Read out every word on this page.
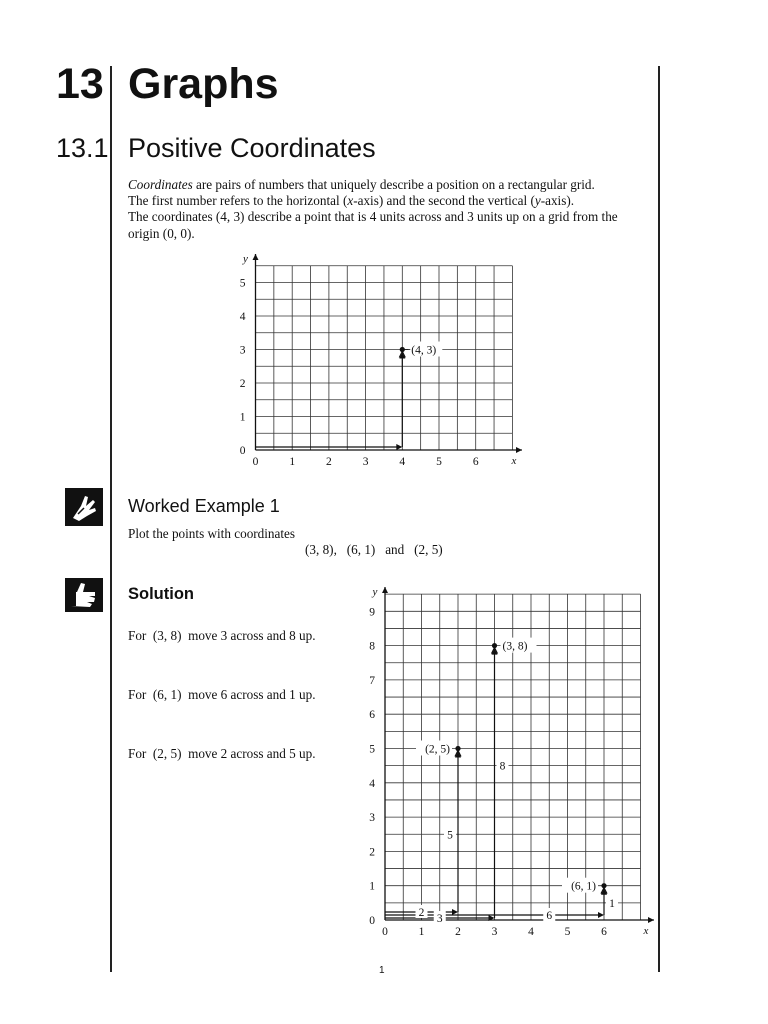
13 Graphs
13.1 Positive Coordinates

Coordinates are pairs of numbers that uniquely describe a position on a rectangular grid.

The first number refers to the horizontal (x-axis) and the second the vertical (y-axis).

The coordinates (4, 3) describe a point that is 4 units across and 3 units up on a grid from the origin (0, 0).

Worked Example 1
Plot the points with coordinates
(3, 8),   (6, 1)   and   (2, 5)
Solution
For  (3, 8)  move 3 across and 8 up.
For  (6, 1)  move 6 across and 1 up.
For  (2, 5)  move 2 across and 5 up.
0	1	2	3	4	5	6
0
1
2
3
4
5
x
y
(4, 3)
0	1	2	3	4	5	6
0
1
2
3
4
5
6
7
8
9
x
y
(3, 8)
(6, 1)
(2, 5)
3
8
6
1
2
5
1
